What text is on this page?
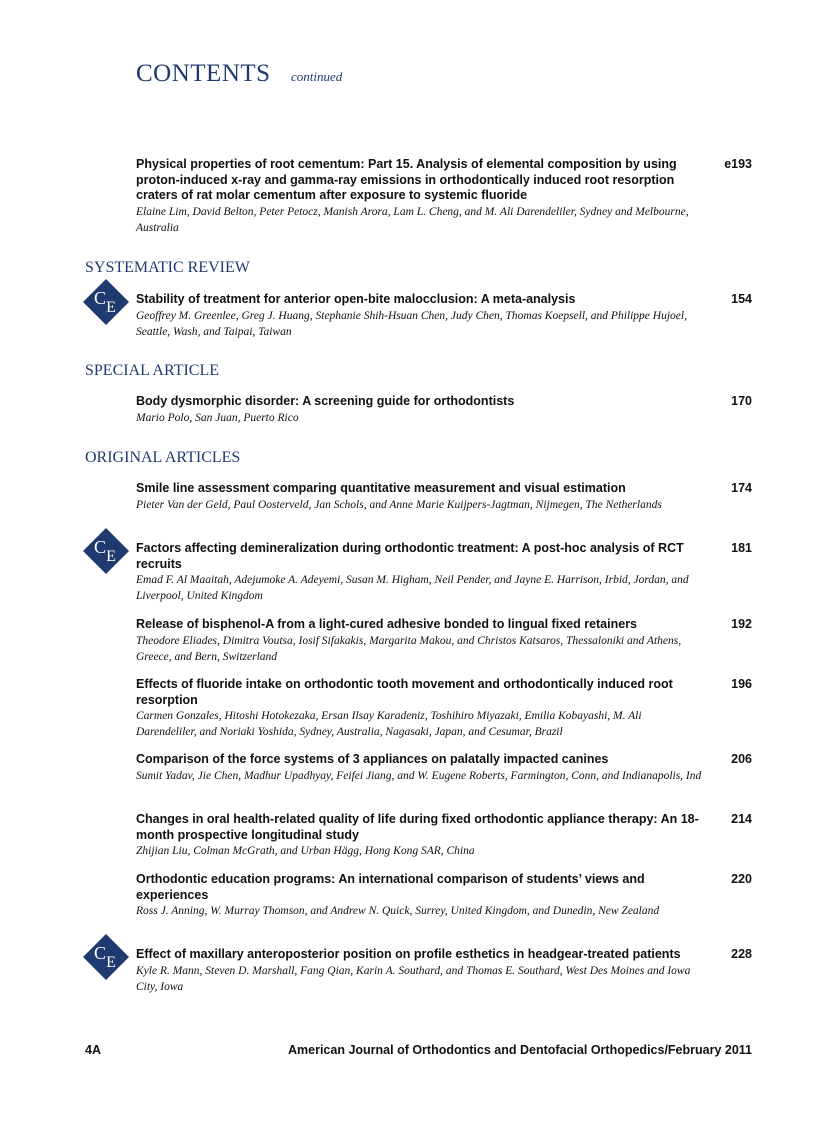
CONTENTS continued
Physical properties of root cementum: Part 15. Analysis of elemental composition by using proton-induced x-ray and gamma-ray emissions in orthodontically induced root resorption craters of rat molar cementum after exposure to systemic fluoride
Elaine Lim, David Belton, Peter Petocz, Manish Arora, Lam L. Cheng, and M. Ali Darendeliler, Sydney and Melbourne, Australia
e193
SYSTEMATIC REVIEW
C E Stability of treatment for anterior open-bite malocclusion: A meta-analysis
Geoffrey M. Greenlee, Greg J. Huang, Stephanie Shih-Hsuan Chen, Judy Chen, Thomas Koepsell, and Philippe Hujoel, Seattle, Wash, and Taipai, Taiwan
154
SPECIAL ARTICLE
Body dysmorphic disorder: A screening guide for orthodontists
Mario Polo, San Juan, Puerto Rico
170
ORIGINAL ARTICLES
Smile line assessment comparing quantitative measurement and visual estimation
Pieter Van der Geld, Paul Oosterveld, Jan Schols, and Anne Marie Kuijpers-Jagtman, Nijmegen, The Netherlands
174
C E Factors affecting demineralization during orthodontic treatment: A post-hoc analysis of RCT recruits
Emad F. Al Maaitah, Adejumoke A. Adeyemi, Susan M. Higham, Neil Pender, and Jayne E. Harrison, Irbid, Jordan, and Liverpool, United Kingdom
181
Release of bisphenol-A from a light-cured adhesive bonded to lingual fixed retainers
Theodore Eliades, Dimitra Voutsa, Iosif Sifakakis, Margarita Makou, and Christos Katsaros, Thessaloniki and Athens, Greece, and Bern, Switzerland
192
Effects of fluoride intake on orthodontic tooth movement and orthodontically induced root resorption
Carmen Gonzales, Hitoshi Hotokezaka, Ersan Ilsay Karadeniz, Toshihiro Miyazaki, Emilia Kobayashi, M. Ali Darendeliler, and Noriaki Yoshida, Sydney, Australia, Nagasaki, Japan, and Cesumar, Brazil
196
Comparison of the force systems of 3 appliances on palatally impacted canines
Sumit Yadav, Jie Chen, Madhur Upadhyay, Feifei Jiang, and W. Eugene Roberts, Farmington, Conn, and Indianapolis, Ind
206
Changes in oral health-related quality of life during fixed orthodontic appliance therapy: An 18-month prospective longitudinal study
Zhijian Liu, Colman McGrath, and Urban Hägg, Hong Kong SAR, China
214
Orthodontic education programs: An international comparison of students’ views and experiences
Ross J. Anning, W. Murray Thomson, and Andrew N. Quick, Surrey, United Kingdom, and Dunedin, New Zealand
220
C E Effect of maxillary anteroposterior position on profile esthetics in headgear-treated patients
Kyle R. Mann, Steven D. Marshall, Fang Qian, Karin A. Southard, and Thomas E. Southard, West Des Moines and Iowa City, Iowa
228
4A	American Journal of Orthodontics and Dentofacial Orthopedics/February 2011
